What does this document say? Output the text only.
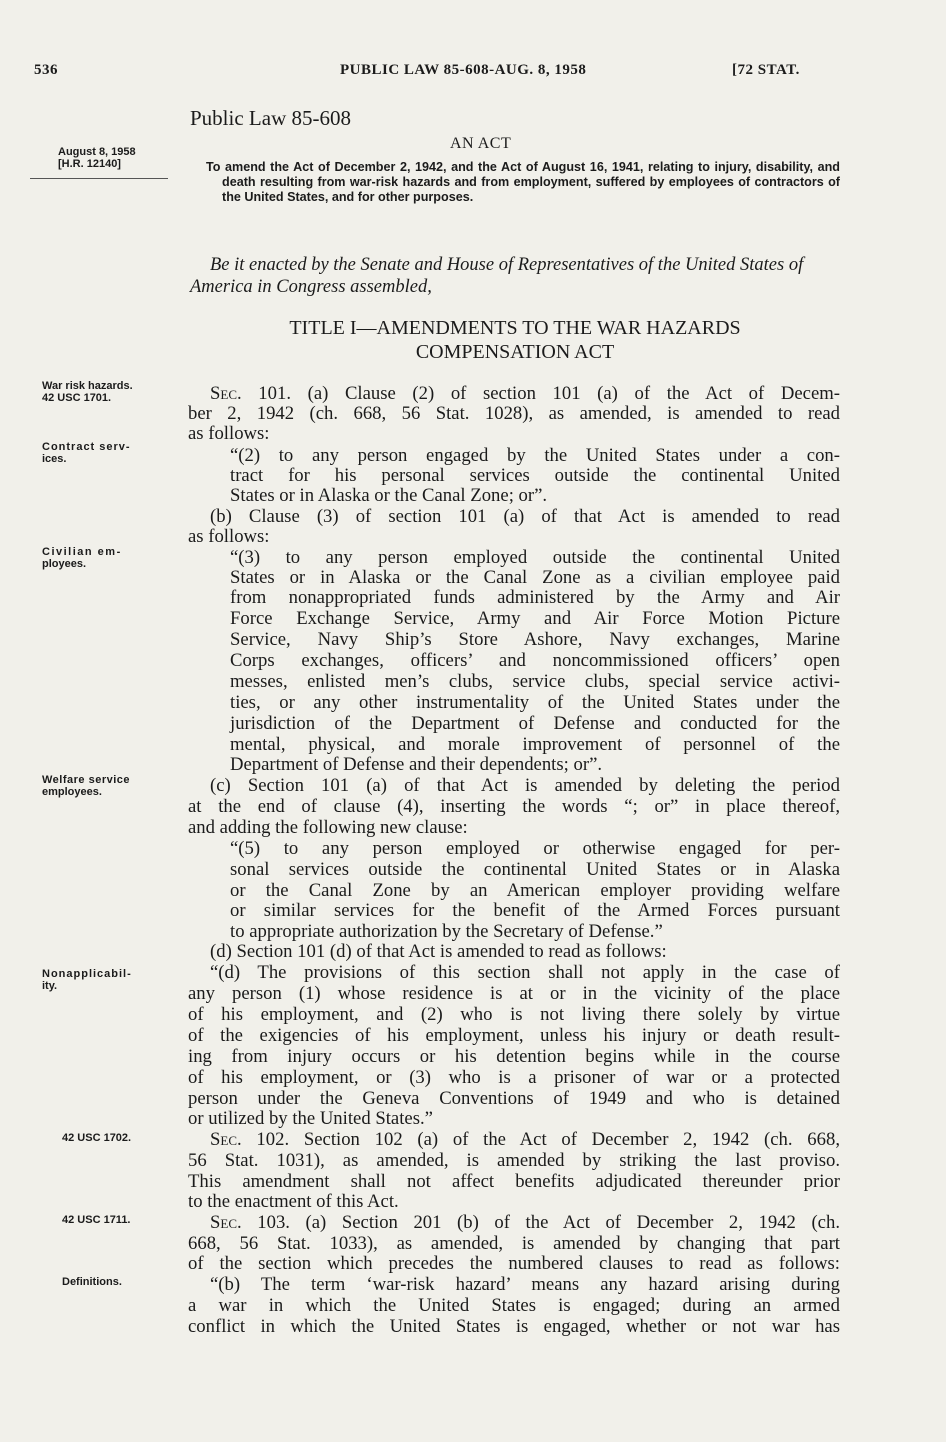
536	PUBLIC LAW 85-608-AUG. 8, 1958	[72 STAT.
Public Law 85-608
AN ACT
August 8, 1958
[H.R. 12140]	To amend the Act of December 2, 1942, and the Act of August 16, 1941, relating to injury, disability, and death resulting from war-risk hazards and from employment, suffered by employees of contractors of the United States, and for other purposes.
Be it enacted by the Senate and House of Representatives of the United States of America in Congress assembled,
TITLE I—AMENDMENTS TO THE WAR HAZARDS
COMPENSATION ACT
War risk hazards.
42 USC 1701.
Contract serv-
ices.
Civilian em-
ployees.
Welfare service
employees.
Nonapplicabil-
ity.
42 USC 1702.
42 USC 1711.
Definitions.
Sec. 101. (a) Clause (2) of section 101 (a) of the Act of Decem-
ber 2, 1942 (ch. 668, 56 Stat. 1028), as amended, is amended to read
as follows:
“(2) to any person engaged by the United States under a con-
tract for his personal services outside the continental United
States or in Alaska or the Canal Zone; or”.
(b) Clause (3) of section 101 (a) of that Act is amended to read
as follows:
“(3) to any person employed outside the continental United
States or in Alaska or the Canal Zone as a civilian employee paid
from nonappropriated funds administered by the Army and Air
Force Exchange Service, Army and Air Force Motion Picture
Service, Navy Ship’s Store Ashore, Navy exchanges, Marine
Corps exchanges, officers’ and noncommissioned officers’ open
messes, enlisted men’s clubs, service clubs, special service activi-
ties, or any other instrumentality of the United States under the
jurisdiction of the Department of Defense and conducted for the
mental, physical, and morale improvement of personnel of the
Department of Defense and their dependents; or”.
(c) Section 101 (a) of that Act is amended by deleting the period
at the end of clause (4), inserting the words “; or” in place thereof,
and adding the following new clause:
“(5) to any person employed or otherwise engaged for per-
sonal services outside the continental United States or in Alaska
or the Canal Zone by an American employer providing welfare
or similar services for the benefit of the Armed Forces pursuant
to appropriate authorization by the Secretary of Defense.”
(d) Section 101 (d) of that Act is amended to read as follows:
“(d) The provisions of this section shall not apply in the case of
any person (1) whose residence is at or in the vicinity of the place
of his employment, and (2) who is not living there solely by virtue
of the exigencies of his employment, unless his injury or death result-
ing from injury occurs or his detention begins while in the course
of his employment, or (3) who is a prisoner of war or a protected
person under the Geneva Conventions of 1949 and who is detained
or utilized by the United States.”
Sec. 102. Section 102 (a) of the Act of December 2, 1942 (ch. 668,
56 Stat. 1031), as amended, is amended by striking the last proviso.
This amendment shall not affect benefits adjudicated thereunder prior
to the enactment of this Act.
Sec. 103. (a) Section 201 (b) of the Act of December 2, 1942 (ch.
668, 56 Stat. 1033), as amended, is amended by changing that part
of the section which precedes the numbered clauses to read as follows:
“(b) The term ‘war-risk hazard’ means any hazard arising during
a war in which the United States is engaged; during an armed
conflict in which the United States is engaged, whether or not war has
